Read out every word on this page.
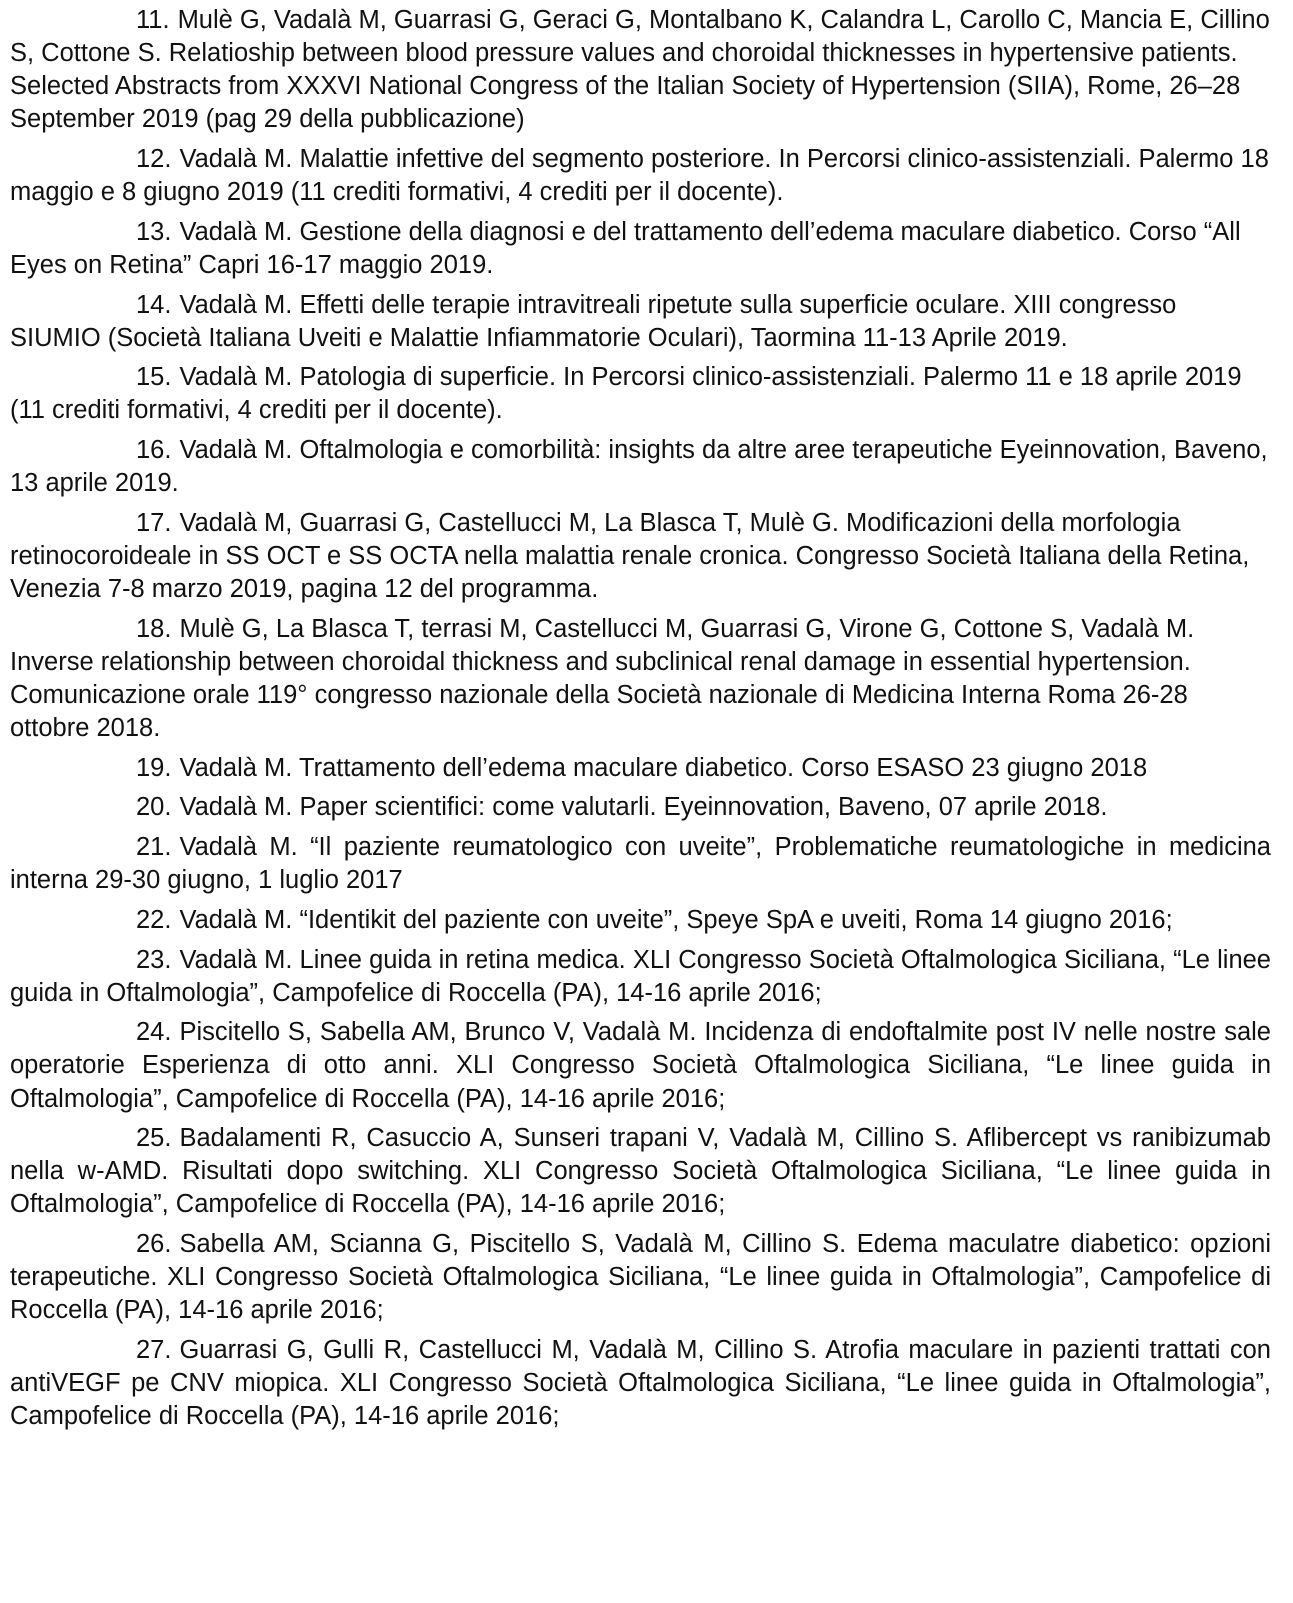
11. Mulè G, Vadalà M, Guarrasi G, Geraci G, Montalbano K, Calandra L, Carollo C, Mancia E, Cillino S, Cottone S. Relatioship between blood pressure values and choroidal thicknesses in hypertensive patients. Selected Abstracts from XXXVI National Congress of the Italian Society of Hypertension (SIIA), Rome, 26–28 September 2019 (pag 29 della pubblicazione)

12. Vadalà M. Malattie infettive del segmento posteriore. In Percorsi clinico-assistenziali. Palermo 18 maggio e 8 giugno 2019 (11 crediti formativi, 4 crediti per il docente).

13. Vadalà M. Gestione della diagnosi e del trattamento dell’edema maculare diabetico. Corso “All Eyes on Retina” Capri 16-17 maggio 2019.

14. Vadalà M. Effetti delle terapie intravitreali ripetute sulla superficie oculare. XIII congresso SIUMIO (Società Italiana Uveiti e Malattie Infiammatorie Oculari), Taormina 11-13 Aprile 2019.

15. Vadalà M. Patologia di superficie. In Percorsi clinico-assistenziali. Palermo 11 e 18 aprile 2019 (11 crediti formativi, 4 crediti per il docente).

16. Vadalà M. Oftalmologia e comorbilità: insights da altre aree terapeutiche Eyeinnovation, Baveno, 13 aprile 2019.

17. Vadalà M, Guarrasi G, Castellucci M, La Blasca T, Mulè G. Modificazioni della morfologia retinocoroideale in SS OCT e SS OCTA nella malattia renale cronica. Congresso Società Italiana della Retina, Venezia 7-8 marzo 2019, pagina 12 del programma.

18. Mulè G, La Blasca T, terrasi M, Castellucci M, Guarrasi G, Virone G, Cottone S, Vadalà M. Inverse relationship between choroidal thickness and subclinical renal damage in essential hypertension. Comunicazione orale 119° congresso nazionale della Società nazionale di Medicina Interna Roma 26-28 ottobre 2018.

19. Vadalà M. Trattamento dell’edema maculare diabetico. Corso ESASO 23 giugno 2018

20. Vadalà M. Paper scientifici: come valutarli. Eyeinnovation, Baveno, 07 aprile 2018.

21. Vadalà M. “Il paziente reumatologico con uveite”, Problematiche reumatologiche in medicina interna 29-30 giugno, 1 luglio 2017

22. Vadalà M. “Identikit del paziente con uveite”, Speye SpA e uveiti, Roma 14 giugno 2016;

23. Vadalà M. Linee guida in retina medica. XLI Congresso Società Oftalmologica Siciliana, “Le linee guida in Oftalmologia”, Campofelice di Roccella (PA), 14-16 aprile 2016;

24. Piscitello S, Sabella AM, Brunco V, Vadalà M. Incidenza di endoftalmite post IV nelle nostre sale operatorie Esperienza di otto anni. XLI Congresso Società Oftalmologica Siciliana, “Le linee guida in Oftalmologia”, Campofelice di Roccella (PA), 14-16 aprile 2016;

25. Badalamenti R, Casuccio A, Sunseri trapani V, Vadalà M, Cillino S. Aflibercept vs ranibizumab nella w-AMD. Risultati dopo switching. XLI Congresso Società Oftalmologica Siciliana, “Le linee guida in Oftalmologia”, Campofelice di Roccella (PA), 14-16 aprile 2016;

26. Sabella AM, Scianna G, Piscitello S, Vadalà M, Cillino S. Edema maculatre diabetico: opzioni terapeutiche. XLI Congresso Società Oftalmologica Siciliana, “Le linee guida in Oftalmologia”, Campofelice di Roccella (PA), 14-16 aprile 2016;

27. Guarrasi G, Gulli R, Castellucci M, Vadalà M, Cillino S. Atrofia maculare in pazienti trattati con antiVEGF pe CNV miopica. XLI Congresso Società Oftalmologica Siciliana, “Le linee guida in Oftalmologia”, Campofelice di Roccella (PA), 14-16 aprile 2016;
